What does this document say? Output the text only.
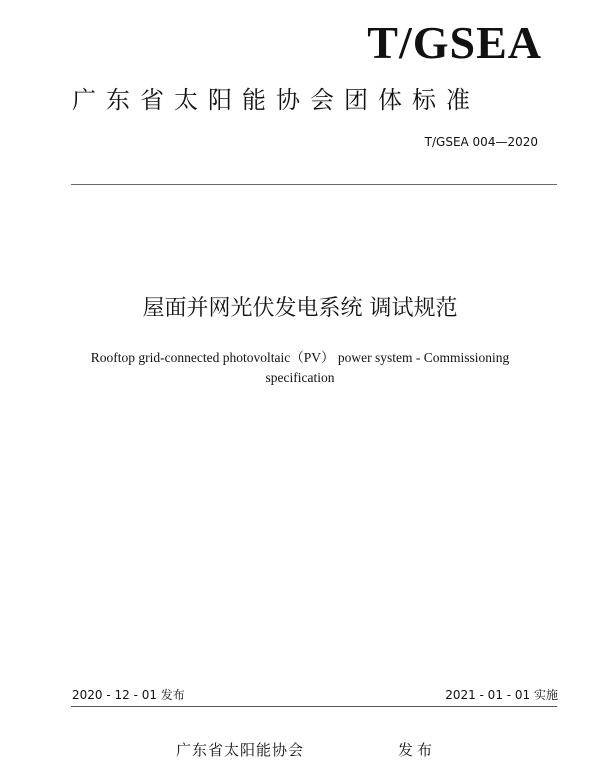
T/GSEA
广东省太阳能协会团体标准
T/GSEA 004—2020
屋面并网光伏发电系统 调试规范
Rooftop grid-connected photovoltaic（PV） power system - Commissioning
specification
2020 - 12 - 01 发布	2021 - 01 - 01 实施
广东省太阳能协会	发布
